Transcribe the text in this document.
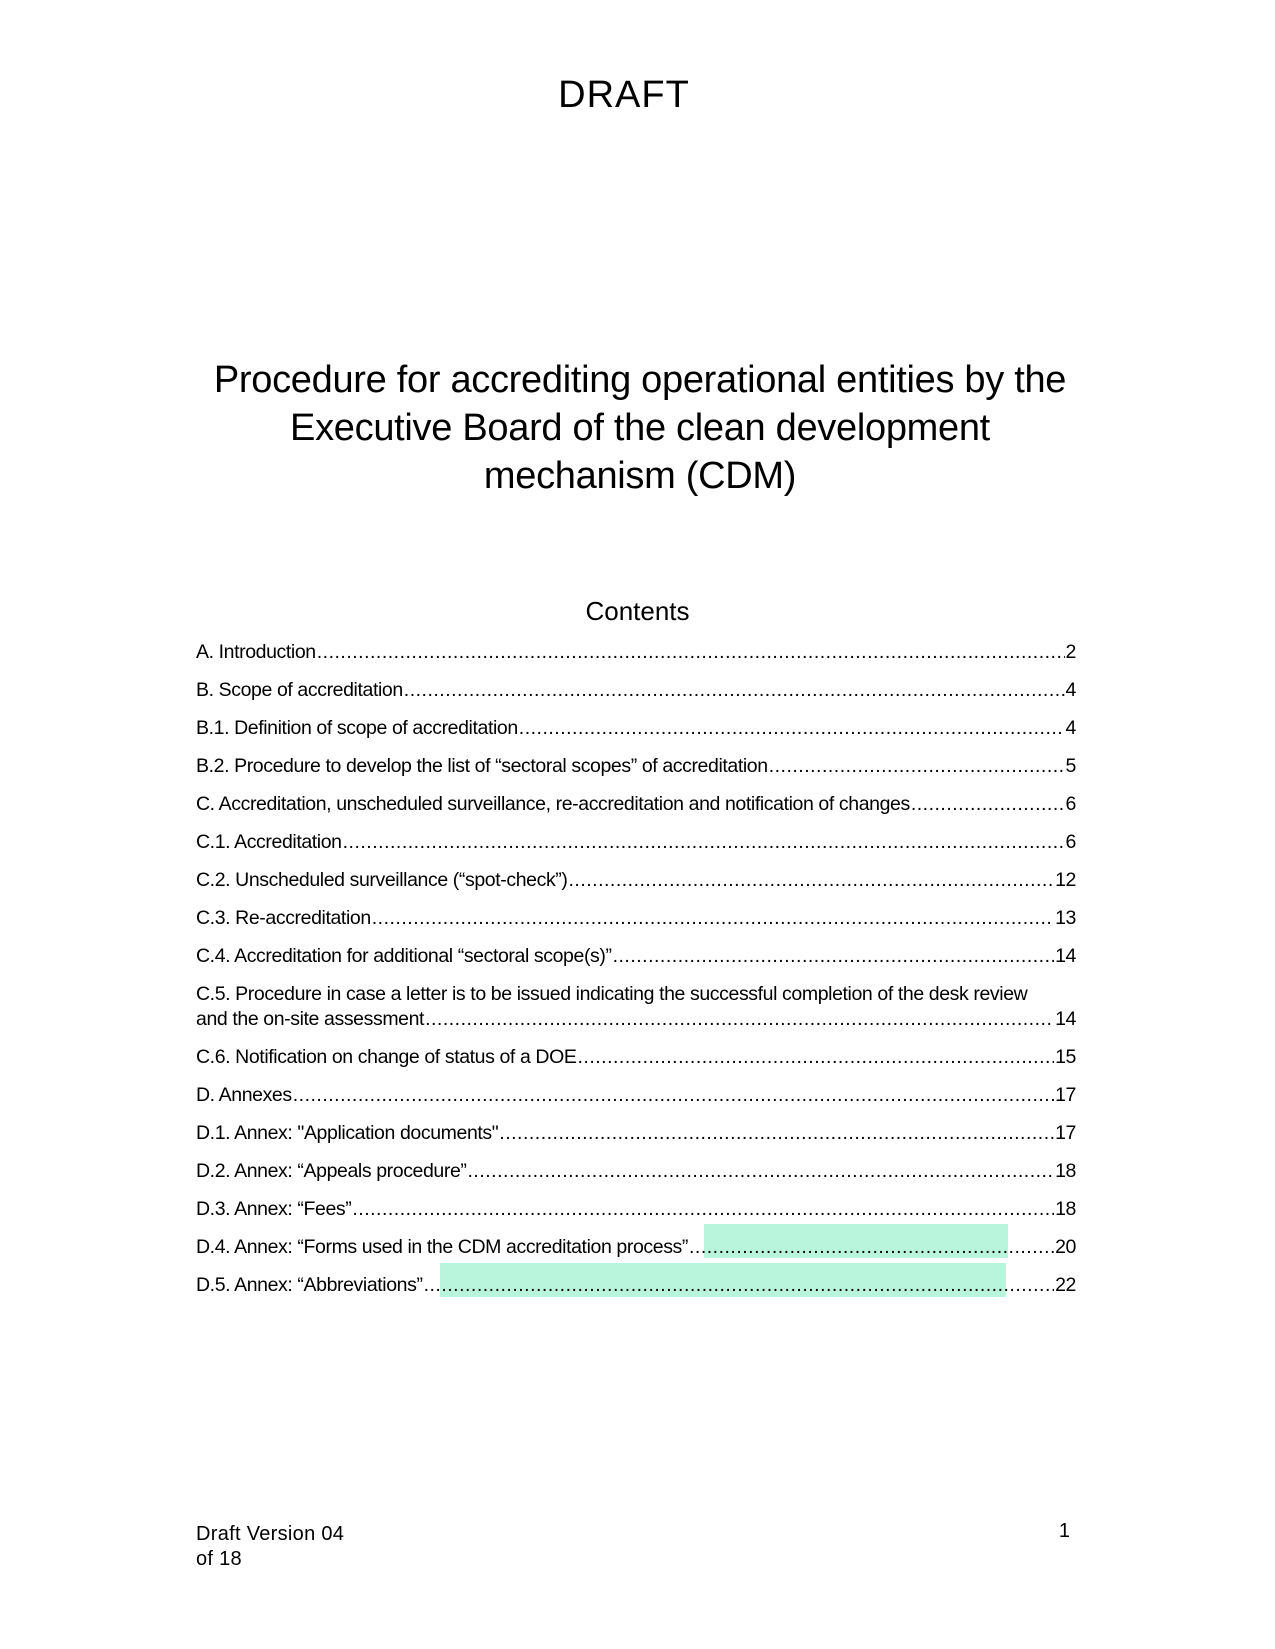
DRAFT
Procedure for accrediting operational entities by the Executive Board of the clean development mechanism (CDM)
Contents
A. Introduction .....	2
B. Scope of accreditation .....	4
B.1. Definition of scope of accreditation .....	4
B.2. Procedure to develop the list of “sectoral scopes” of accreditation .....	5
C. Accreditation, unscheduled surveillance, re-accreditation and notification of changes .....	6
C.1. Accreditation .....	6
C.2. Unscheduled surveillance (“spot-check”) .....	12
C.3. Re-accreditation .....	13
C.4. Accreditation for additional “sectoral scope(s)” .....	14
C.5. Procedure in case a letter is to be issued indicating the successful completion of the desk review
and the on-site assessment .....	14
C.6. Notification on change of status of a DOE .....	15
D. Annexes .....	17
D.1. Annex: "Application documents" .....	17
D.2. Annex: “Appeals procedure” .....	18
D.3. Annex: “Fees” .....	18
D.4. Annex: “Forms used in the CDM accreditation process” .....	20
D.5. Annex: “Abbreviations” .....	22
Draft Version 04
of 18
1
